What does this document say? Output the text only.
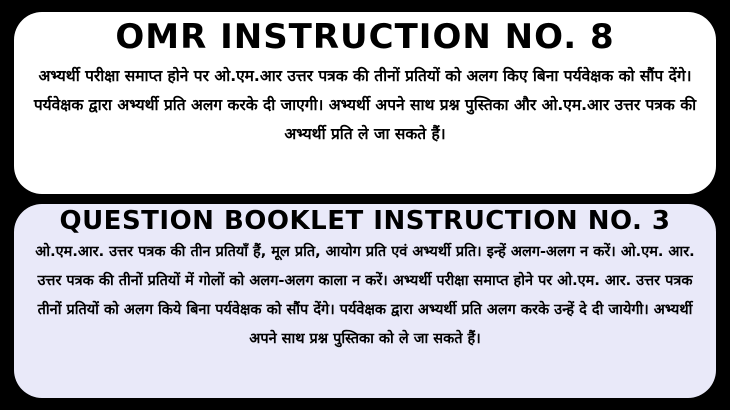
OMR INSTRUCTION NO. 8

अभ्यर्थी परीक्षा समाप्त होने पर ओ.एम.आर उत्तर पत्रक की तीनों प्रतियों को अलग किए बिना पर्यवेक्षक को सौंप देंगे। पर्यवेक्षक द्वारा अभ्यर्थी प्रति अलग करके दी जाएगी। अभ्यर्थी अपने साथ प्रश्न पुस्तिका और ओ.एम.आर उत्तर पत्रक की अभ्यर्थी प्रति ले जा सकते हैं।

QUESTION BOOKLET INSTRUCTION NO. 3

ओ.एम.आर. उत्तर पत्रक की तीन प्रतियाँ हैं, मूल प्रति, आयोग प्रति एवं अभ्यर्थी प्रति। इन्हें अलग-अलग न करें। ओ.एम. आर. उत्तर पत्रक की तीनों प्रतियों में गोलों को अलग-अलग काला न करें। अभ्यर्थी परीक्षा समाप्त होने पर ओ.एम. आर. उत्तर पत्रक तीनों प्रतियों को अलग किये बिना पर्यवेक्षक को सौंप देंगे। पर्यवेक्षक द्वारा अभ्यर्थी प्रति अलग करके उन्हें दे दी जायेगी। अभ्यर्थी अपने साथ प्रश्न पुस्तिका को ले जा सकते हैं।
